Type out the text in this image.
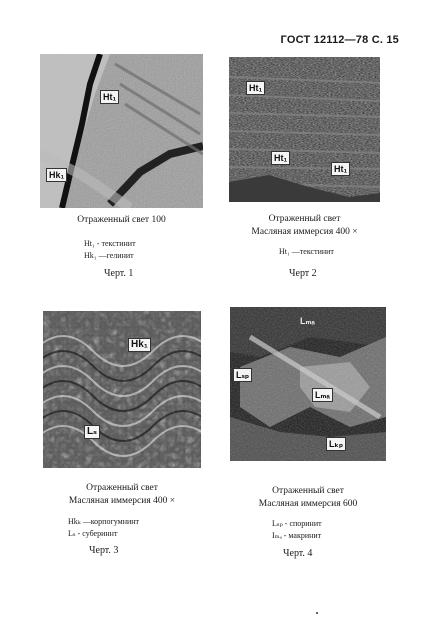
ГОСТ 12112—78 С. 15
Ht₁
Hk₁
Отраженный свет 100
Ht₁ - текстинит
Hk₁ —гелинит
Черт. 1
Ht₁
Ht₁
Ht₁
Отраженный свет
Масляная иммерсия 400 ×
Ht₁ —текстинит
Черт 2
Hk₁
Lₛ
Отраженный свет
Масляная иммерсия 400 ×
Hkₖ —корпогумнинт
Lₛ - субериннт
Черт. 3
Lₘₐ
Lₛₚ
Lₘₐ
Lₖₚ
Отраженный свет
Масляная иммерсия 600
Lₛₚ - споринит
Iₘₐ - макринит
Черт. 4
